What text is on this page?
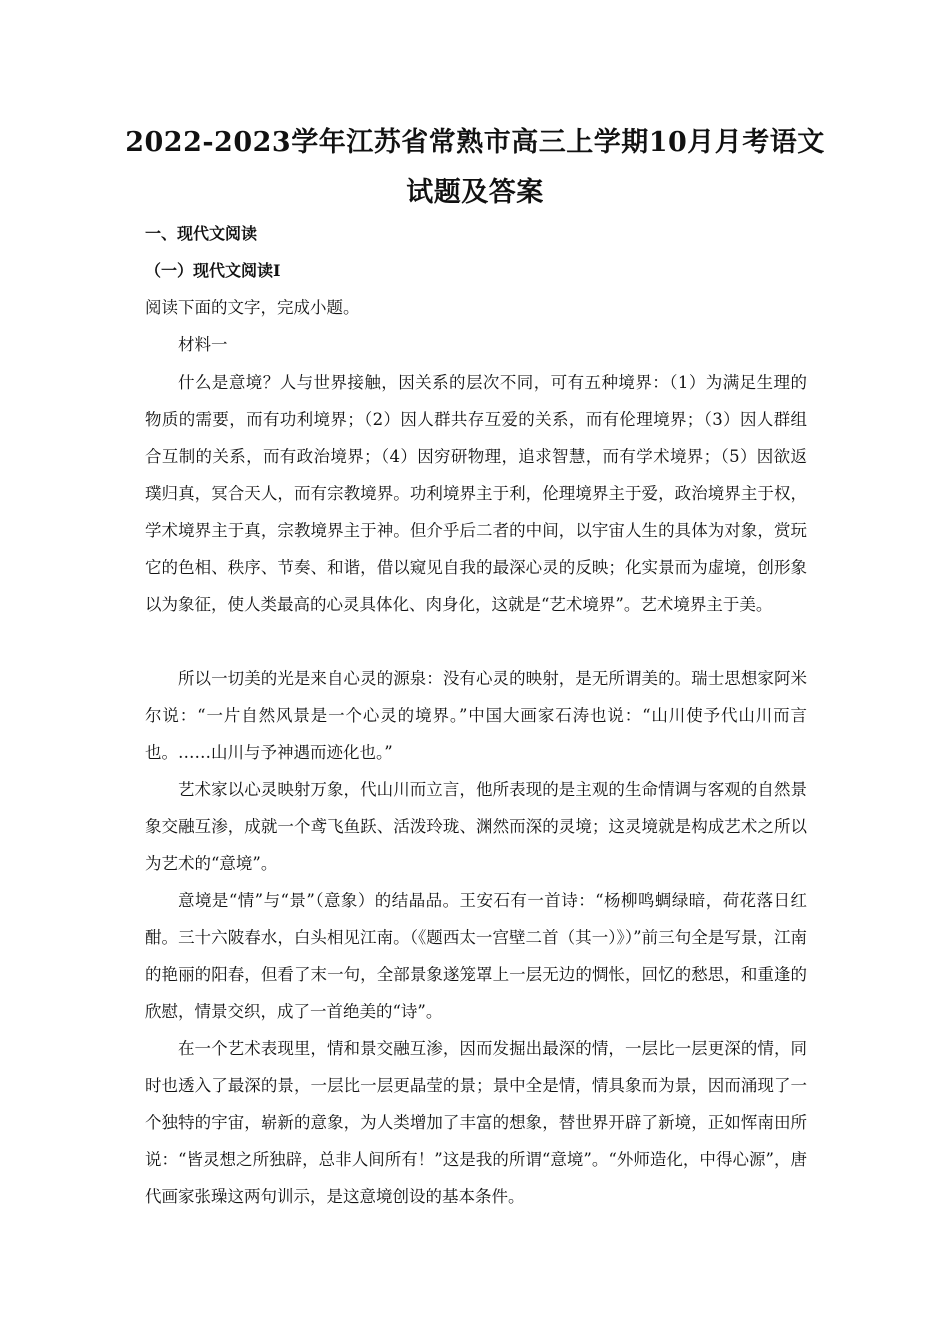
2022-2023学年江苏省常熟市高三上学期10月月考语文试题及答案
一、现代文阅读
（一）现代文阅读Ⅰ
阅读下面的文字，完成小题。
材料一

什么是意境？人与世界接触，因关系的层次不同，可有五种境界：（1）为满足生理的物质的需要，而有功利境界；（2）因人群共存互爱的关系，而有伦理境界；（3）因人群组合互制的关系，而有政治境界；（4）因穷研物理，追求智慧，而有学术境界；（5）因欲返璞归真，冥合天人，而有宗教境界。功利境界主于利，伦理境界主于爱，政治境界主于权，学术境界主于真，宗教境界主于神。但介乎后二者的中间，以宇宙人生的具体为对象，赏玩它的色相、秩序、节奏、和谐，借以窥见自我的最深心灵的反映；化实景而为虚境，创形象以为象征，使人类最高的心灵具体化、肉身化，这就是“艺术境界”。艺术境界主于美。

所以一切美的光是来自心灵的源泉：没有心灵的映射，是无所谓美的。瑞士思想家阿米尔说：“一片自然风景是一个心灵的境界。”中国大画家石涛也说：“山川使予代山川而言也。……山川与予神遇而迹化也。”

艺术家以心灵映射万象，代山川而立言，他所表现的是主观的生命情调与客观的自然景象交融互渗，成就一个鸢飞鱼跃、活泼玲珑、渊然而深的灵境；这灵境就是构成艺术之所以为艺术的“意境”。

意境是“情”与“景”（意象）的结晶品。王安石有一首诗：“杨柳鸣蜩绿暗，荷花落日红酣。三十六陂春水，白头相见江南。（《题西太一宫壁二首（其一）》）”前三句全是写景，江南的艳丽的阳春，但看了末一句，全部景象遂笼罩上一层无边的惆怅，回忆的愁思，和重逢的欣慰，情景交织，成了一首绝美的“诗”。

在一个艺术表现里，情和景交融互渗，因而发掘出最深的情，一层比一层更深的情，同时也透入了最深的景，一层比一层更晶莹的景；景中全是情，情具象而为景，因而涌现了一个独特的宇宙，崭新的意象，为人类增加了丰富的想象，替世界开辟了新境，正如恽南田所说：“皆灵想之所独辟，总非人间所有！”这是我的所谓“意境”。“外师造化，中得心源”，唐代画家张璪这两句训示，是这意境创设的基本条件。
